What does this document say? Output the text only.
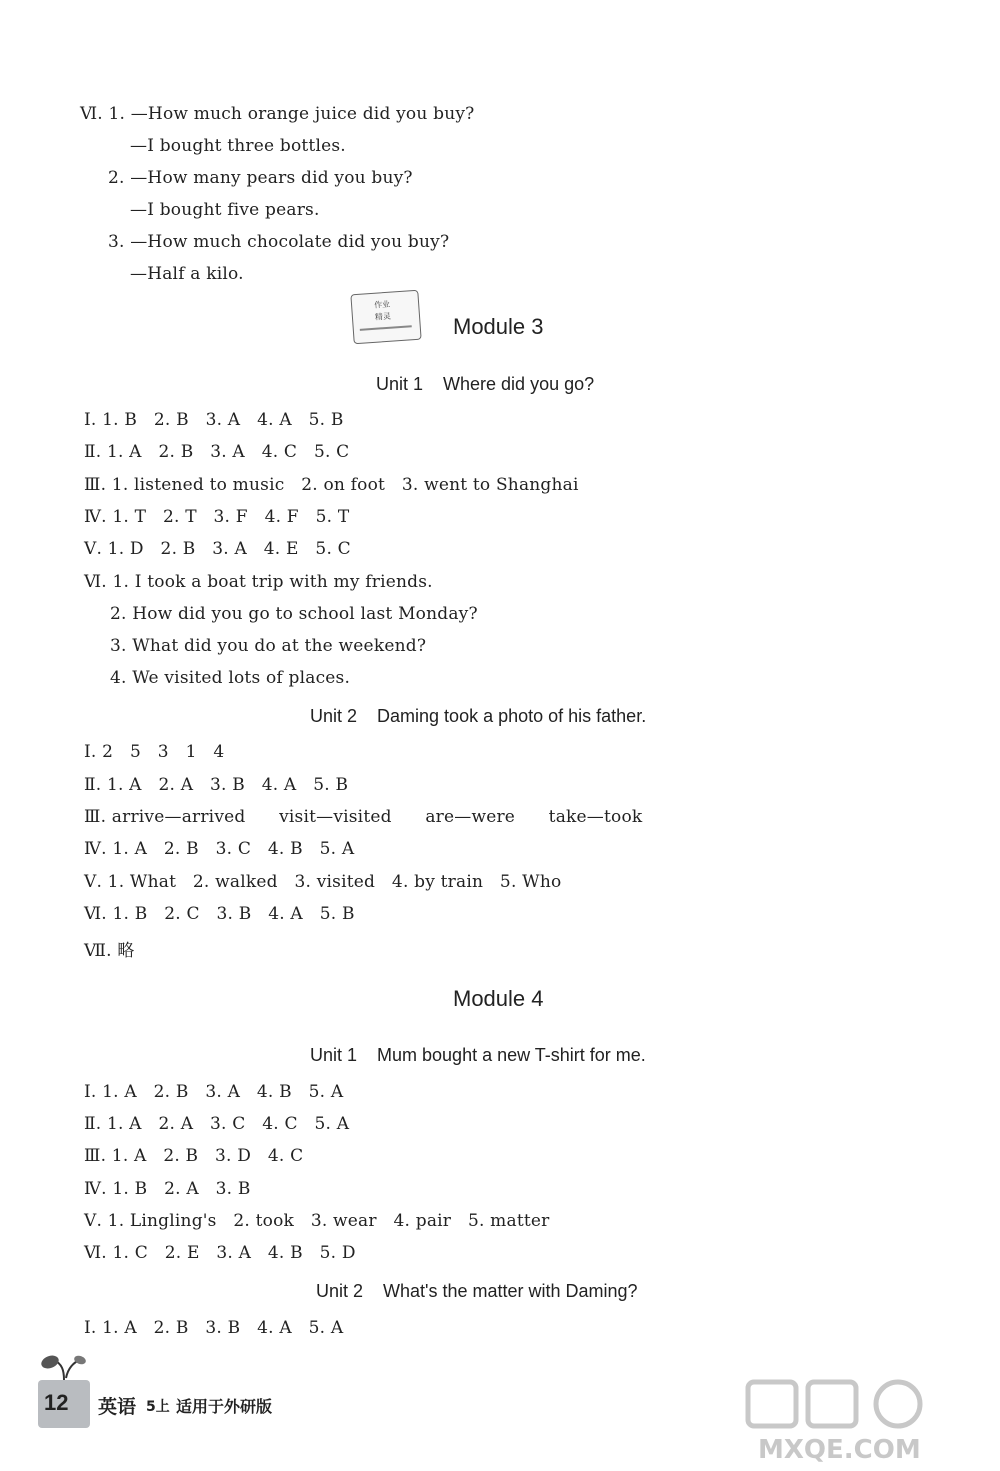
Ⅵ. 1. —How much orange juice did you buy?
—I bought three bottles.
2. —How many pears did you buy?
—I bought five pears.
3. —How much chocolate did you buy?
—Half a kilo.
作业
精灵	Module 3
Unit 1    Where did you go?
Ⅰ. 1. B   2. B   3. A   4. A   5. B
Ⅱ. 1. A   2. B   3. A   4. C   5. C
Ⅲ. 1. listened to music   2. on foot   3. went to Shanghai
Ⅳ. 1. T   2. T   3. F   4. F   5. T
Ⅴ. 1. D   2. B   3. A   4. E   5. C
Ⅵ. 1. I took a boat trip with my friends.
2. How did you go to school last Monday?
3. What did you do at the weekend?
4. We visited lots of places.
Unit 2    Daming took a photo of his father.
Ⅰ. 2   5   3   1   4
Ⅱ. 1. A   2. A   3. B   4. A   5. B
Ⅲ. arrive—arrived      visit—visited      are—were      take—took
Ⅳ. 1. A   2. B   3. C   4. B   5. A
Ⅴ. 1. What   2. walked   3. visited   4. by train   5. Who
Ⅵ. 1. B   2. C   3. B   4. A   5. B
Ⅶ. 略
Module 4
Unit 1    Mum bought a new T-shirt for me.
Ⅰ. 1. A   2. B   3. A   4. B   5. A
Ⅱ. 1. A   2. A   3. C   4. C   5. A
Ⅲ. 1. A   2. B   3. D   4. C
Ⅳ. 1. B   2. A   3. B
Ⅴ. 1. Lingling's   2. took   3. wear   4. pair   5. matter
Ⅵ. 1. C   2. E   3. A   4. B   5. D
Unit 2    What's the matter with Daming?
Ⅰ. 1. A   2. B   3. B   4. A   5. A
12 英语 5上 适用于外研版
MXQE.COM
